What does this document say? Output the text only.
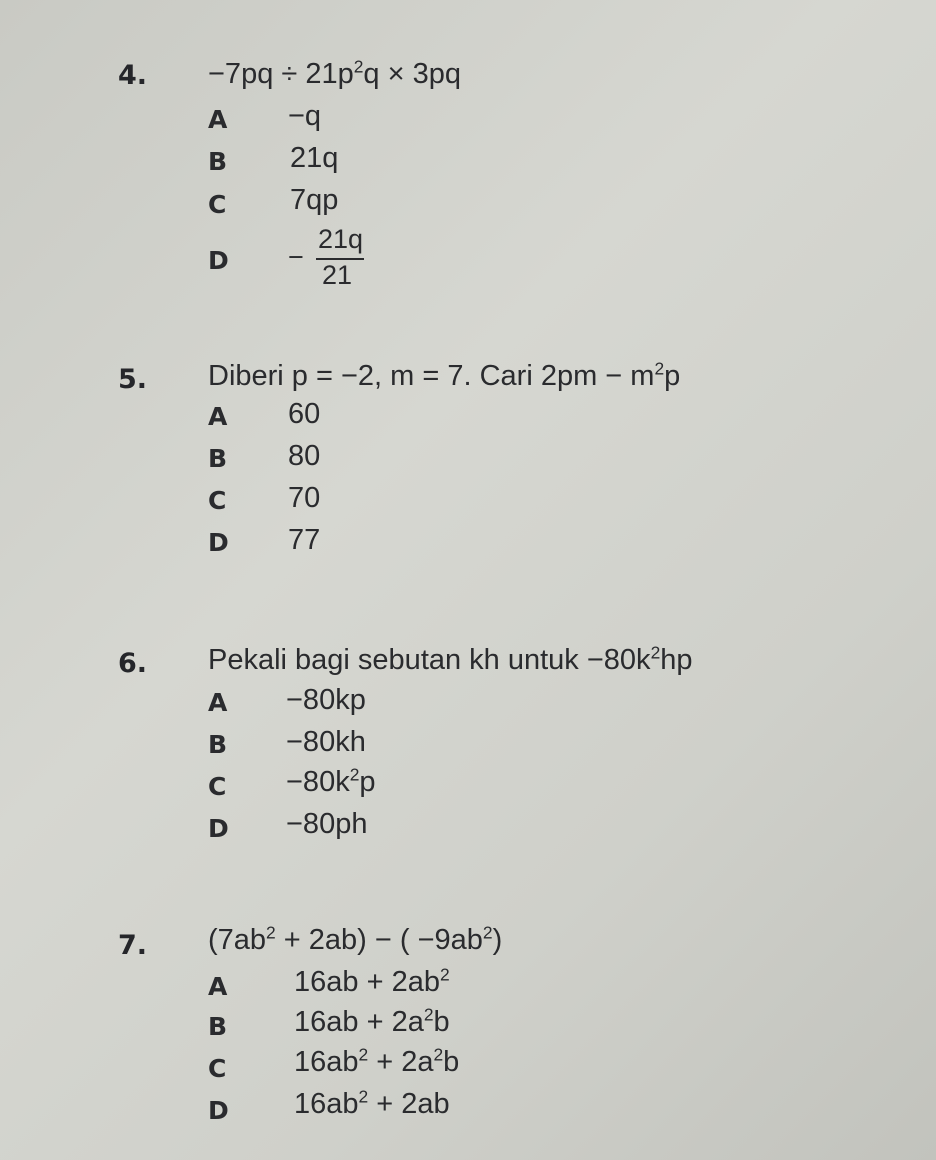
4. $-7pq \div 21p^2q \times 3pq$
A −q
B 21q
C 7qp
D −
21q
21
5. Diberi p = −2, m = 7. Cari $2pm - m^2p$
A 60
B 80
C 70
D 77
6. Pekali bagi sebutan kh untuk $-80k^2hp$
A −80kp
B −80kh
$C -80k^2p$
D −80ph
7. $(7ab^2 + 2ab)$ − ( $-9ab^2$)
A $16ab + 2ab^2$
B $16ab + 2a^2b$
C $16ab^2 + 2a^2b$
D $16ab^2 + 2ab$
